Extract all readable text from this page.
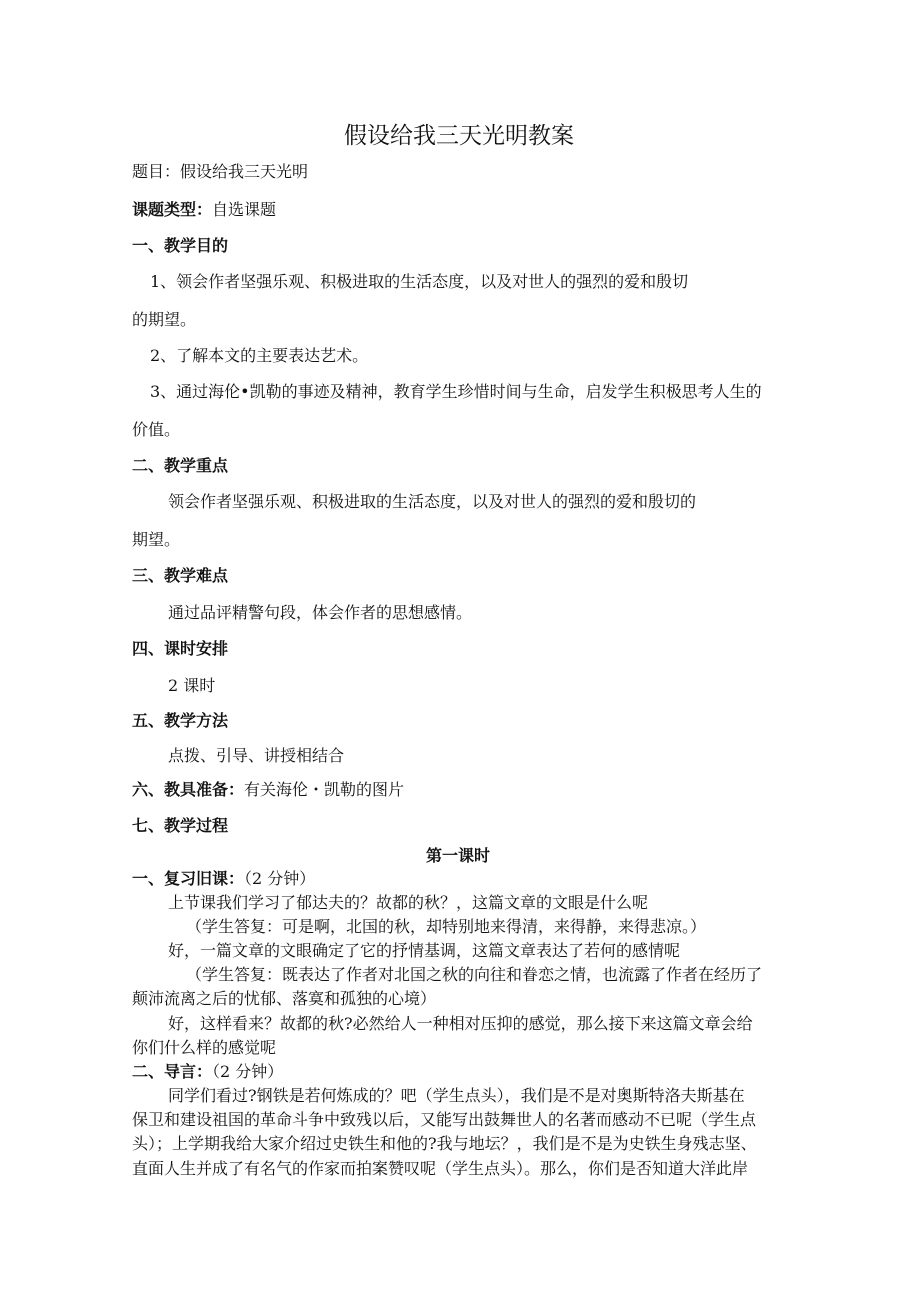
假设给我三天光明教案
题目：假设给我三天光明
课题类型：自选课题
一、教学目的
1、领会作者坚强乐观、积极进取的生活态度，以及对世人的强烈的爱和殷切
的期望。
2、了解本文的主要表达艺术。
3、通过海伦•凯勒的事迹及精神，教育学生珍惜时间与生命，启发学生积极思考人生的
价值。
二、教学重点
领会作者坚强乐观、积极进取的生活态度，以及对世人的强烈的爱和殷切的
期望。
三、教学难点
通过品评精警句段，体会作者的思想感情。
四、课时安排
2 课时
五、教学方法
点拨、引导、讲授相结合
六、教具准备：有关海伦・凯勒的图片
七、教学过程
第一课时
一、复习旧课：（2 分钟）
上节课我们学习了郁达夫的？故都的秋？，这篇文章的文眼是什么呢
（学生答复：可是啊，北国的秋，却特别地来得清，来得静，来得悲凉。）
好，一篇文章的文眼确定了它的抒情基调，这篇文章表达了若何的感情呢
（学生答复：既表达了作者对北国之秋的向往和眷恋之情，也流露了作者在经历了
颠沛流离之后的忧郁、落寞和孤独的心境）
好，这样看来？故都的秋?必然给人一种相对压抑的感觉，那么接下来这篇文章会给
你们什么样的感觉呢
二、导言：（2 分钟）
同学们看过?钢铁是若何炼成的？吧（学生点头），我们是不是对奥斯特洛夫斯基在
保卫和建设祖国的革命斗争中致残以后，又能写出鼓舞世人的名著而感动不已呢（学生点
头）；上学期我给大家介绍过史铁生和他的?我与地坛？，我们是不是为史铁生身残志坚、
直面人生并成了有名气的作家而拍案赞叹呢（学生点头）。那么，你们是否知道大洋此岸
